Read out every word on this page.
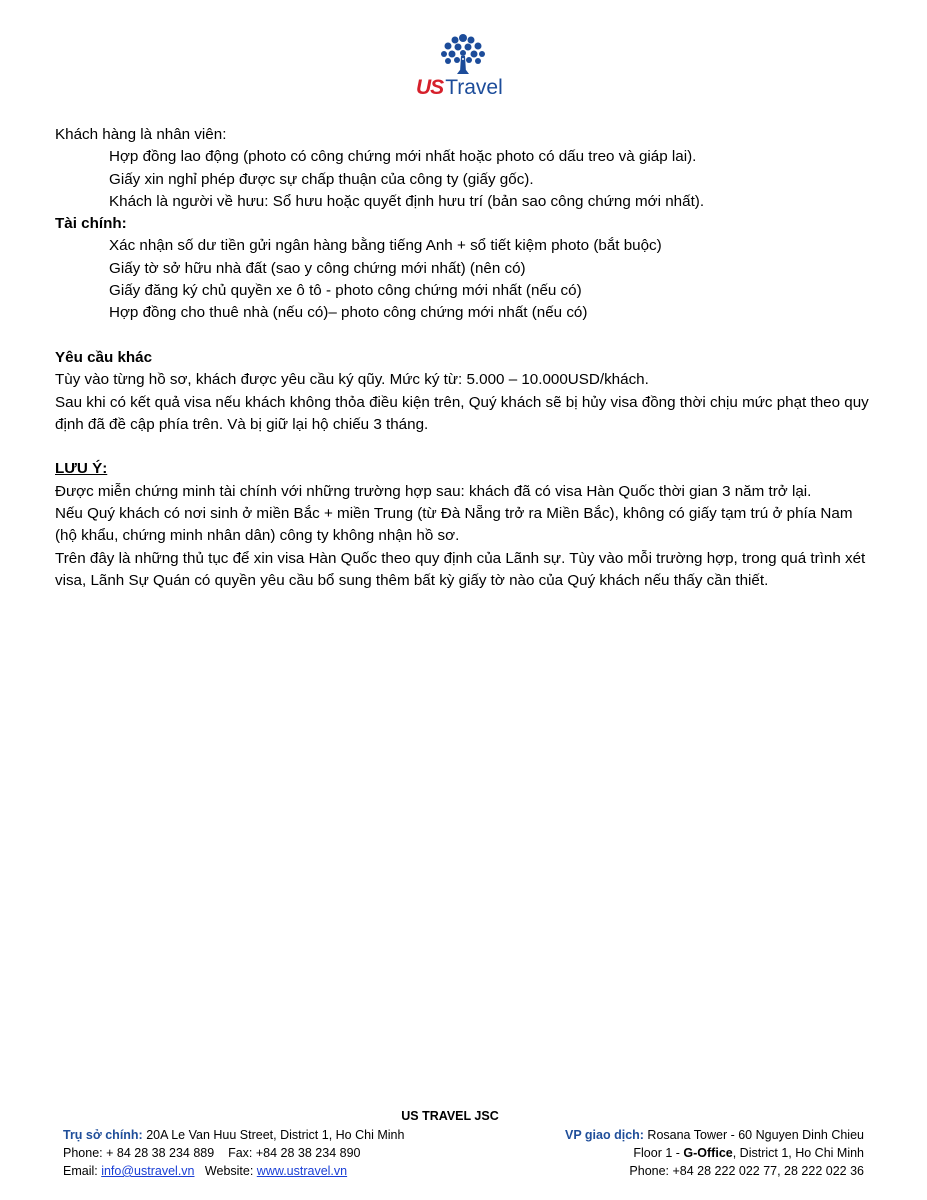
USTravel

Khách hàng là nhân viên:

Hợp đồng lao động (photo có công chứng mới nhất hoặc photo có dấu treo và giáp lai).

Giấy xin nghỉ phép được sự chấp thuận của công ty (giấy gốc).

Khách là người về hưu: Sổ hưu hoặc quyết định hưu trí (bản sao công chứng mới nhất).

Tài chính:

Xác nhận số dư tiền gửi ngân hàng bằng tiếng Anh + sổ tiết kiệm photo (bắt buộc)

Giấy tờ sở hữu nhà đất (sao y công chứng mới nhất) (nên có)

Giấy đăng ký chủ quyền xe ô tô - photo công chứng mới nhất (nếu có)

Hợp đồng cho thuê nhà (nếu có)– photo công chứng mới nhất (nếu có)

Yêu cầu khác

Tùy vào từng hồ sơ, khách được yêu cầu ký qũy. Mức ký từ: 5.000 – 10.000USD/khách.

Sau khi có kết quả visa nếu khách không thỏa điều kiện trên, Quý khách sẽ bị hủy visa đồng thời chịu mức phạt theo quy định đã đề cập phía trên. Và bị giữ lại hộ chiếu 3 tháng.

LƯU Ý:

Được miễn chứng minh tài chính với những trường hợp sau: khách đã có visa Hàn Quốc thời gian 3 năm trở lại.

Nếu Quý khách có nơi sinh ở miền Bắc + miền Trung (từ Đà Nẵng trở ra Miền Bắc), không có giấy tạm trú ở phía Nam (hộ khẩu, chứng minh nhân dân) công ty không nhận hồ sơ.

Trên đây là những thủ tục để xin visa Hàn Quốc theo quy định của Lãnh sự. Tùy vào mỗi trường hợp, trong quá trình xét visa, Lãnh Sự Quán có quyền yêu cầu bổ sung thêm bất kỳ giấy tờ nào của Quý khách nếu thấy cần thiết.

US TRAVEL JSC
Trụ sở chính: 20A Le Van Huu Street, District 1, Ho Chi Minh
Phone: + 84 28 38 234 889 Fax: +84 28 38 234 890
Email: info@ustravel.vn Website: www.ustravel.vn
VP giao dịch: Rosana Tower - 60 Nguyen Dinh Chieu
Floor 1 - G-Office, District 1, Ho Chi Minh
Phone: +84 28 222 022 77, 28 222 022 36
